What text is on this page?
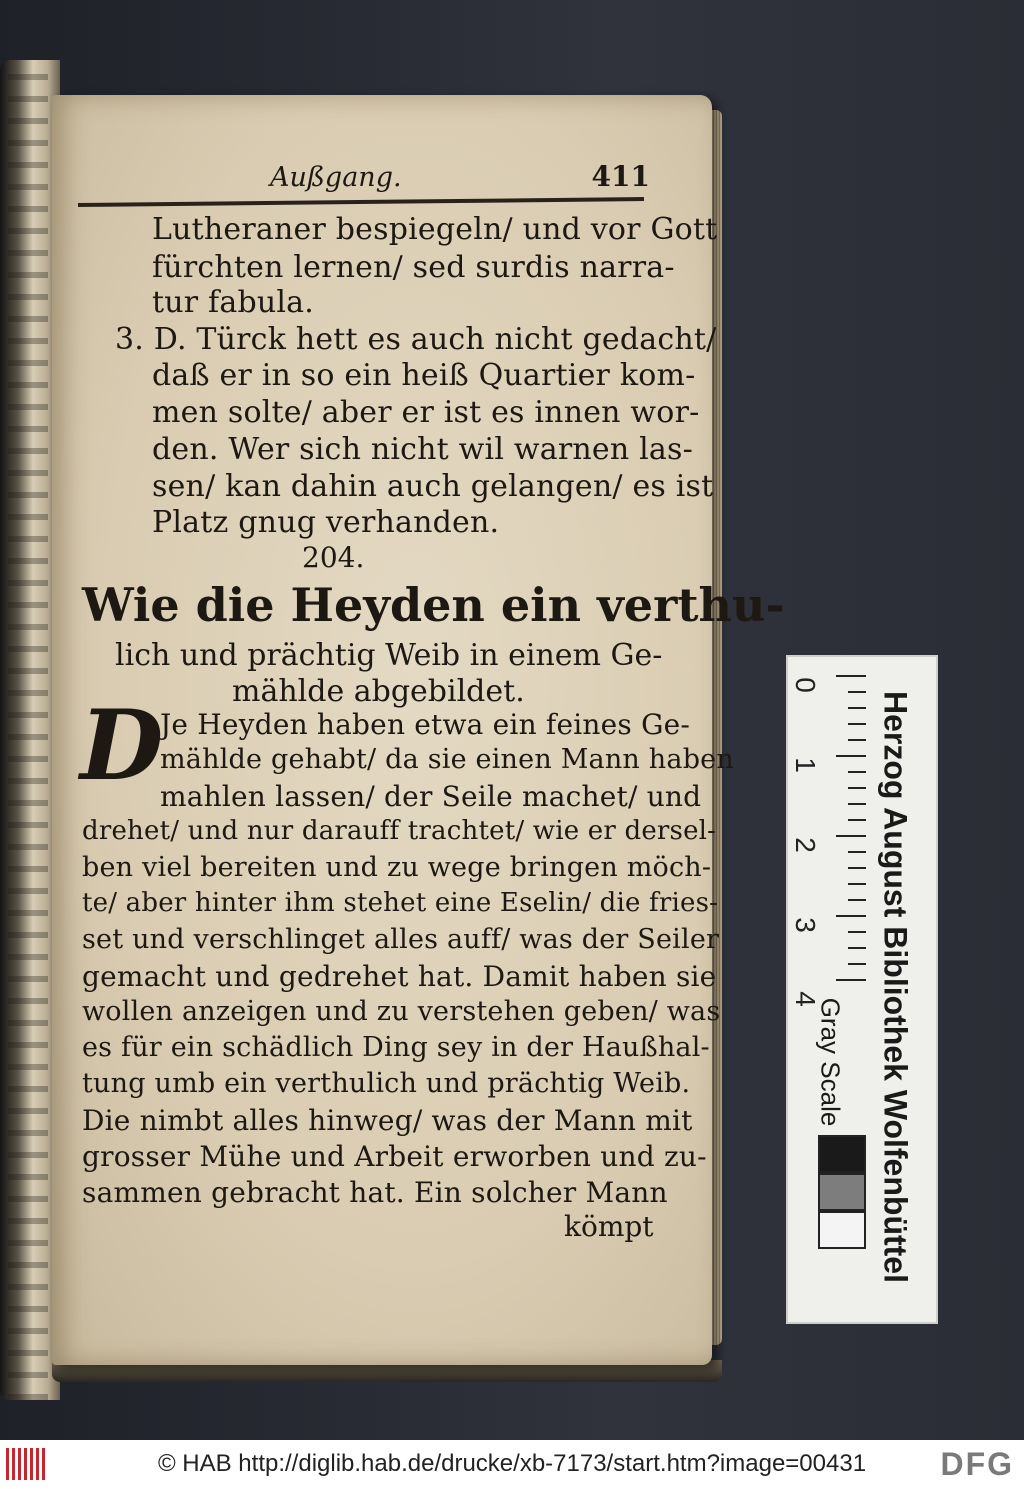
Außgang.	411
Lutheraner bespiegeln/ und vor Gott
fürchten lernen/ sed surdis narra-
tur fabula.
3. D. Türck hett es auch nicht gedacht/
daß er in so ein heiß Quartier kom-
men solte/ aber er ist es innen wor-
den. Wer sich nicht wil warnen las-
sen/ kan dahin auch gelangen/ es ist
Platz gnug verhanden.
204.
Wie die Heyden ein verthu-
lich und prächtig Weib in einem Ge-
mählde abgebildet.
D
Je Heyden haben etwa ein feines Ge-
mählde gehabt/ da sie einen Mann haben
mahlen lassen/ der Seile machet/ und
drehet/ und nur darauff trachtet/ wie er dersel-
ben viel bereiten und zu wege bringen möch-
te/ aber hinter ihm stehet eine Eselin/ die fries-
set und verschlinget alles auff/ was der Seiler
gemacht und gedrehet hat. Damit haben sie
wollen anzeigen und zu verstehen geben/ was
es für ein schädlich Ding sey in der Haußhal-
tung umb ein verthulich und prächtig Weib.
Die nimbt alles hinweg/ was der Mann mit
grosser Mühe und Arbeit erworben und zu-
sammen gebracht hat. Ein solcher Mann
kömpt
0
1
2
3
4 Herzog August Bibliothek Wolfenbüttel
Gray Scale
© HAB http://diglib.hab.de/drucke/xb-7173/start.htm?image=00431	DFG
